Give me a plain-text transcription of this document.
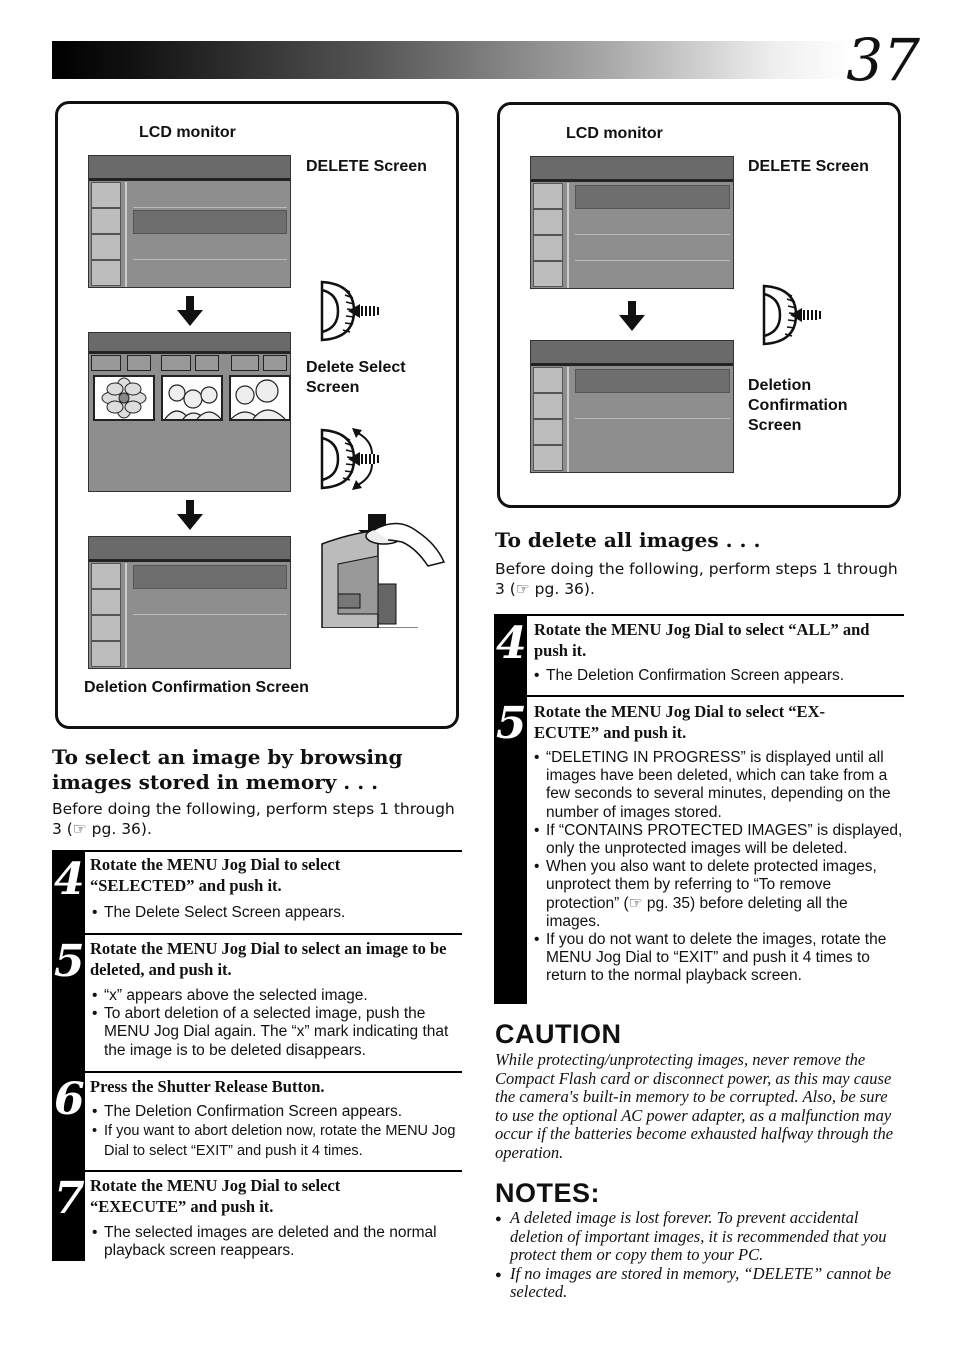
37
LCD monitor
DELETE Screen
Delete Select Screen
Deletion Confirmation Screen
LCD monitor
DELETE Screen
Deletion Confirmation Screen
To select an image by browsing images stored in memory . . .
Before doing the following, perform steps 1 through 3 (☞ pg. 36).
4 Rotate the MENU Jog Dial to select “SELECTED” and push it.
• The Delete Select Screen appears.
5 Rotate the MENU Jog Dial to select an image to be deleted, and push it.
• “x” appears above the selected image.
• To abort deletion of a selected image, push the MENU Jog Dial again. The “x” mark indicating that the image is to be deleted disappears.
6 Press the Shutter Release Button.
• The Deletion Confirmation Screen appears.
• If you want to abort deletion now, rotate the MENU Jog Dial to select “EXIT” and push it 4 times.
7 Rotate the MENU Jog Dial to select “EXECUTE” and push it.
• The selected images are deleted and the normal playback screen reappears.
To delete all images . . .
Before doing the following, perform steps 1 through 3 (☞ pg. 36).
4 Rotate the MENU Jog Dial to select “ALL” and push it.
• The Deletion Confirmation Screen appears.
5 Rotate the MENU Jog Dial to select “EX-ECUTE” and push it.
• “DELETING IN PROGRESS” is displayed until all images have been deleted, which can take from a few seconds to several minutes, depending on the number of images stored.
• If “CONTAINS PROTECTED IMAGES” is displayed, only the unprotected images will be deleted.
• When you also want to delete protected images, unprotect them by referring to “To remove protection” (☞ pg. 35) before deleting all the images.
• If you do not want to delete the images, rotate the MENU Jog Dial to “EXIT” and push it 4 times to return to the normal playback screen.
CAUTION
While protecting/unprotecting images, never remove the Compact Flash card or disconnect power, as this may cause the camera's built-in memory to be corrupted. Also, be sure to use the optional AC power adapter, as a malfunction may occur if the batteries become exhausted halfway through the operation.
NOTES:
● A deleted image is lost forever. To prevent accidental deletion of important images, it is recommended that you protect them or copy them to your PC.
● If no images are stored in memory, “DELETE” cannot be selected.
